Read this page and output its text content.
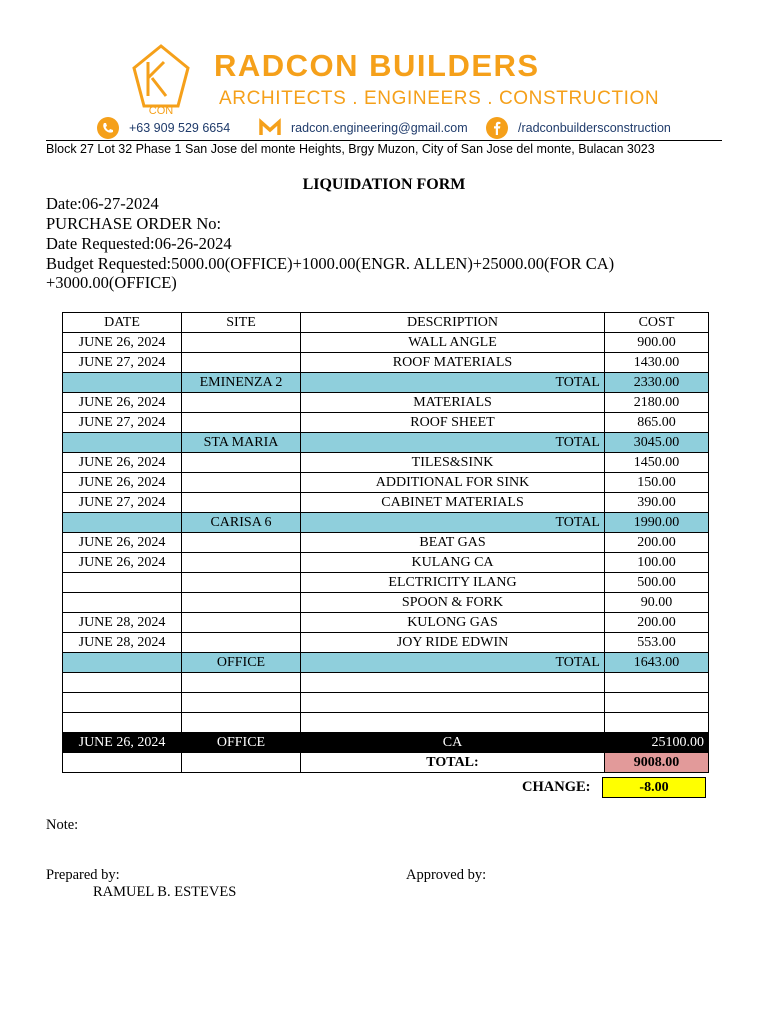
CON
RADCON BUILDERS
ARCHITECTS . ENGINEERS . CONSTRUCTION
+63 909 529 6654	radcon.engineering@gmail.com	/radconbuildersconstruction
Block 27 Lot 32 Phase 1 San Jose del monte Heights, Brgy Muzon, City of San Jose del monte, Bulacan 3023
LIQUIDATION FORM
Date:06-27-2024
PURCHASE ORDER No:
Date Requested:06-26-2024
Budget Requested:5000.00(OFFICE)+1000.00(ENGR. ALLEN)+25000.00(FOR CA)
+3000.00(OFFICE)
DATE	SITE	DESCRIPTION	COST
JUNE 26, 2024		WALL ANGLE	900.00
JUNE 27, 2024		ROOF MATERIALS	1430.00
	EMINENZA 2	TOTAL	2330.00
JUNE 26, 2024		MATERIALS	2180.00
JUNE 27, 2024		ROOF SHEET	865.00
	STA MARIA	TOTAL	3045.00
JUNE 26, 2024		TILES&SINK	1450.00
JUNE 26, 2024		ADDITIONAL FOR SINK	150.00
JUNE 27, 2024		CABINET MATERIALS	390.00
	CARISA 6	TOTAL	1990.00
JUNE 26, 2024		BEAT GAS	200.00
JUNE 26, 2024		KULANG CA	100.00
		ELCTRICITY ILANG	500.00
		SPOON & FORK	90.00
JUNE 28, 2024		KULONG GAS	200.00
JUNE 28, 2024		JOY RIDE EDWIN	553.00
	OFFICE	TOTAL	1643.00

JUNE 26, 2024	OFFICE	CA	25100.00
		TOTAL:	9008.00
CHANGE:	-8.00
Note:
Prepared by:
RAMUEL B. ESTEVES
Approved by:
